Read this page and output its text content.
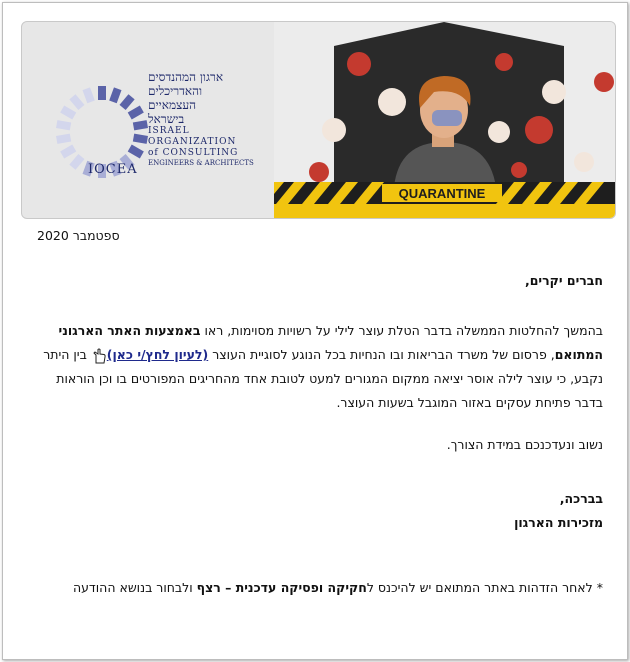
ארגון המהנדסים
והאדריכלים
העצמאיים
בישראל
ISRAEL
ORGANIZATION
of CONSULTING
ENGINEERS & ARCHITECTS
IOCEA
QUARANTINE
ספטמבר 2020
חברים יקרים,
בהמשך להחלטות הממשלה בדבר הטלת עוצר לילי על רשויות מסוימות, ראו באמצעות האתר הארגוני המתואם, פרסום של משרד הבריאות ובו הנחיות בכל הנוגע לסוגיית העוצר (לעיון לחץ/י כאן) בין היתר נקבע, כי עוצר לילה אוסר יציאה ממקום המגורים למעט לטובת אחד מהחריגים המפורטים בו וכן הוראות בדבר פתיחת עסקים באזור המוגבל בשעות העוצר.
נשוב ונעדכנכם במידת הצורך.
בברכה,
מזכירות הארגון
* לאחר הזדהות באתר המתואם יש להיכנס לחקיקה ופסיקה עדכנית – רצף ולבחור בנושא ההודעה
